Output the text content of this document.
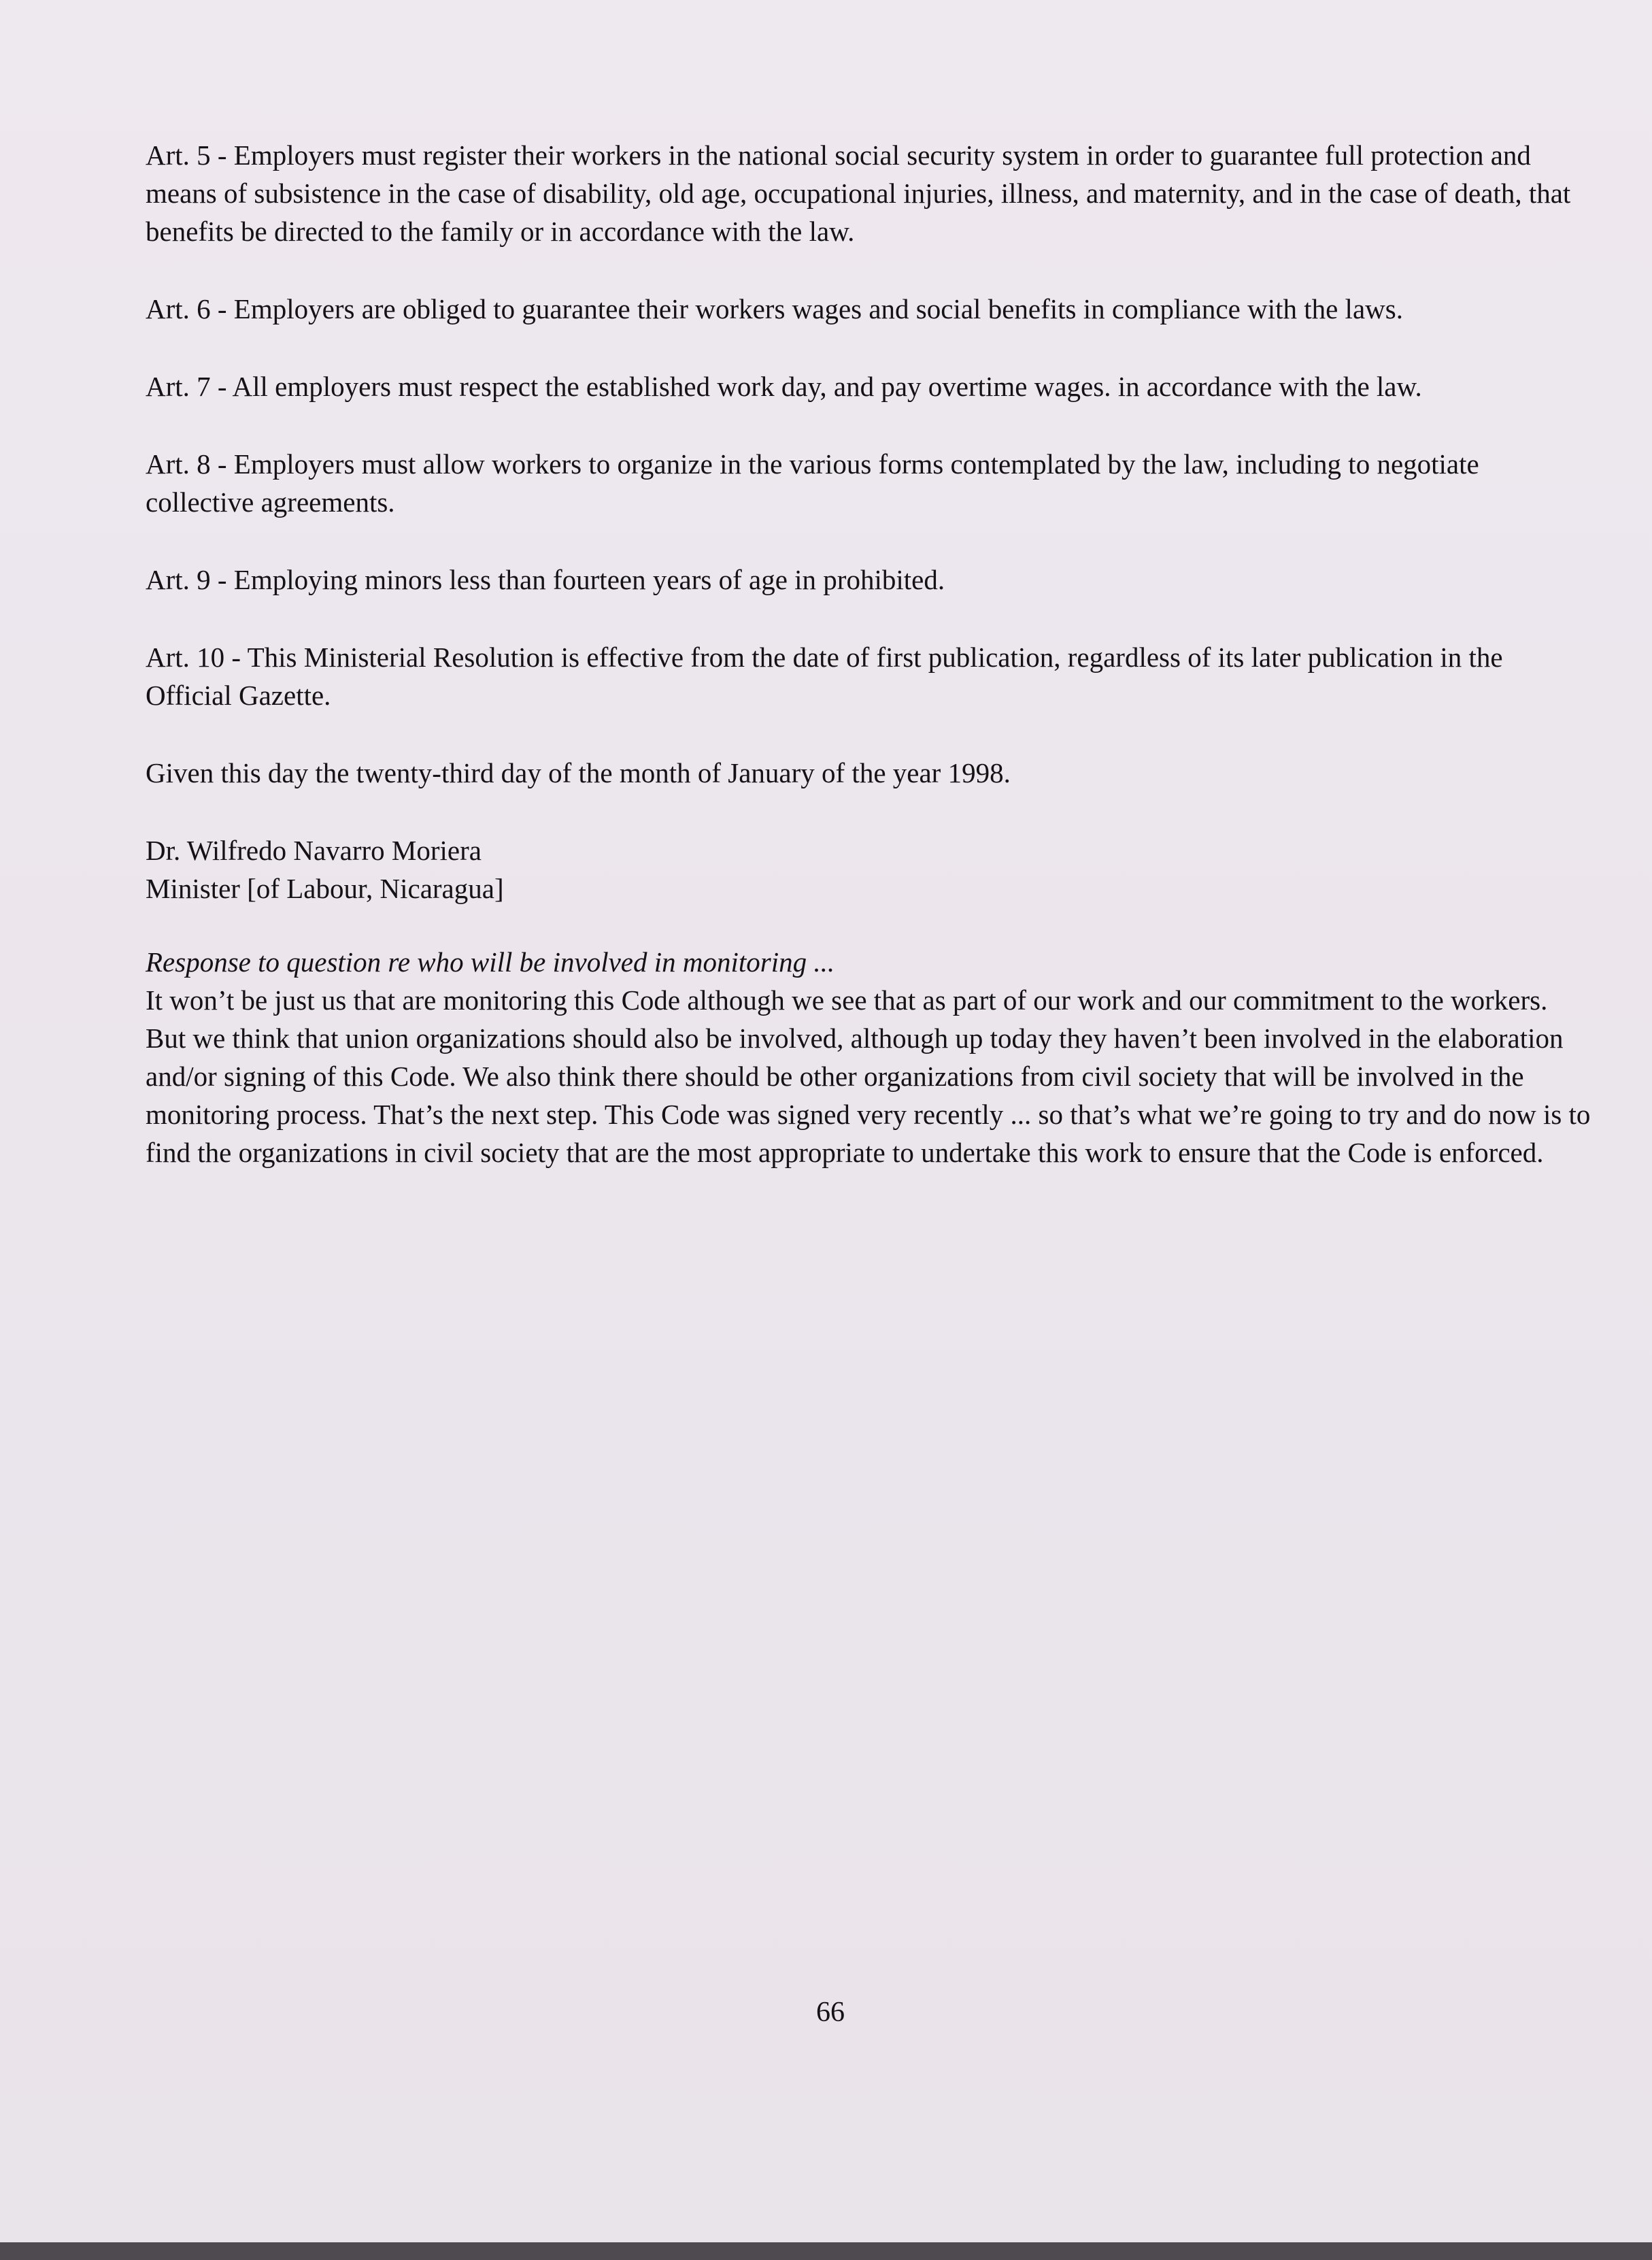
Art. 5 - Employers must register their workers in the national social security system in order to guarantee full protection and means of subsistence in the case of disability, old age, occupational injuries, illness, and maternity, and in the case of death, that benefits be directed to the family or in accordance with the law.

Art. 6 - Employers are obliged to guarantee their workers wages and social benefits in compliance with the laws.

Art. 7 - All employers must respect the established work day, and pay overtime wages. in accordance with the law.

Art. 8 - Employers must allow workers to organize in the various forms contemplated by the law, including to negotiate collective agreements.

Art. 9 - Employing minors less than fourteen years of age in prohibited.

Art. 10 - This Ministerial Resolution is effective from the date of first publication, regardless of its later publication in the Official Gazette.

Given this day the twenty-third day of the month of January of the year 1998.

Dr. Wilfredo Navarro Moriera
Minister [of Labour, Nicaragua]

Response to question re who will be involved in monitoring ...

It won’t be just us that are monitoring this Code although we see that as part of our work and our commitment to the workers. But we think that union organizations should also be involved, although up today they haven’t been involved in the elaboration and/or signing of this Code. We also think there should be other organizations from civil society that will be involved in the monitoring process. That’s the next step. This Code was signed very recently ... so that’s what we’re going to try and do now is to find the organizations in civil society that are the most appropriate to undertake this work to ensure that the Code is enforced.

66
